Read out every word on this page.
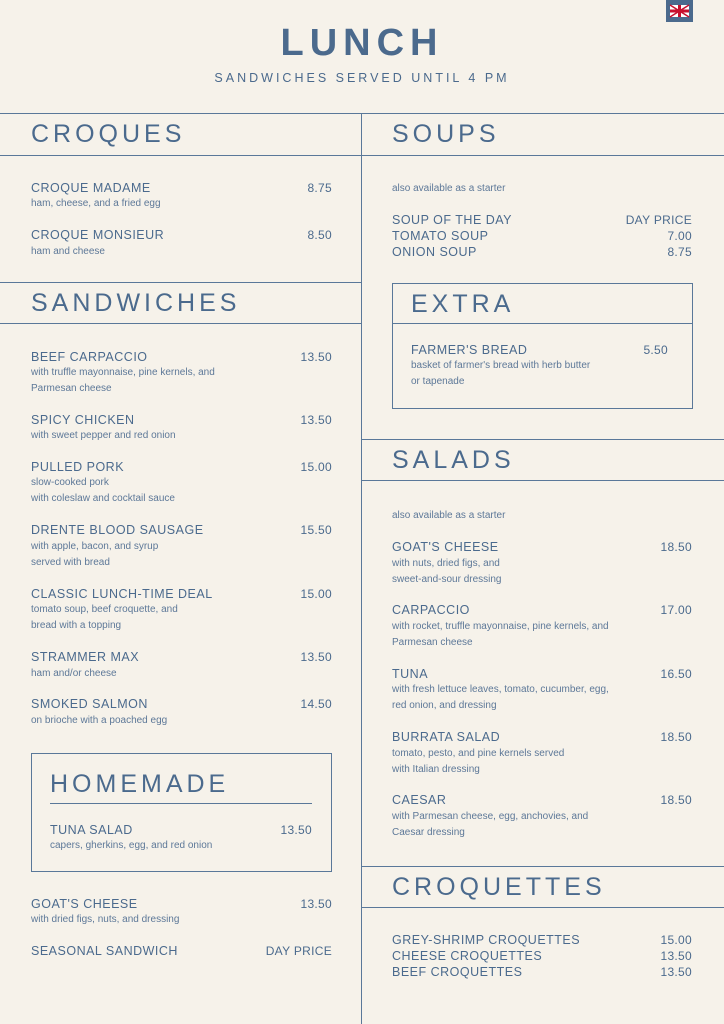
LUNCH
SANDWICHES SERVED UNTIL 4 PM
CROQUES
CROQUE MADAME	8.75
ham, cheese, and a fried egg
CROQUE MONSIEUR	8.50
ham and cheese
SANDWICHES
BEEF CARPACCIO	13.50
with truffle mayonnaise, pine kernels, and
Parmesan cheese
SPICY CHICKEN	13.50
with sweet pepper and red onion
PULLED PORK	15.00
slow-cooked pork
with coleslaw and cocktail sauce
DRENTE BLOOD SAUSAGE	15.50
with apple, bacon, and syrup
served with bread
CLASSIC LUNCH-TIME DEAL	15.00
tomato soup, beef croquette, and
bread with a topping
STRAMMER MAX	13.50
ham and/or cheese
SMOKED SALMON	14.50
on brioche with a poached egg
HOMEMADE
TUNA SALAD	13.50
capers, gherkins, egg, and red onion
GOAT'S CHEESE	13.50
with dried figs, nuts, and dressing
SEASONAL SANDWICH	DAY PRICE
SOUPS
also available as a starter
SOUP OF THE DAY	DAY PRICE
TOMATO SOUP	7.00
ONION SOUP	8.75
EXTRA
FARMER'S BREAD	5.50
basket of farmer's bread with herb butter
or tapenade
SALADS
also available as a starter
GOAT'S CHEESE	18.50
with nuts, dried figs, and
sweet-and-sour dressing
CARPACCIO	17.00
with rocket, truffle mayonnaise, pine kernels, and
Parmesan cheese
TUNA	16.50
with fresh lettuce leaves, tomato, cucumber, egg,
red onion, and dressing
BURRATA SALAD	18.50
tomato, pesto, and pine kernels served
with Italian dressing
CAESAR	18.50
with Parmesan cheese, egg, anchovies, and
Caesar dressing
CROQUETTES
GREY-SHRIMP CROQUETTES	15.00
CHEESE CROQUETTES	13.50
BEEF CROQUETTES	13.50
